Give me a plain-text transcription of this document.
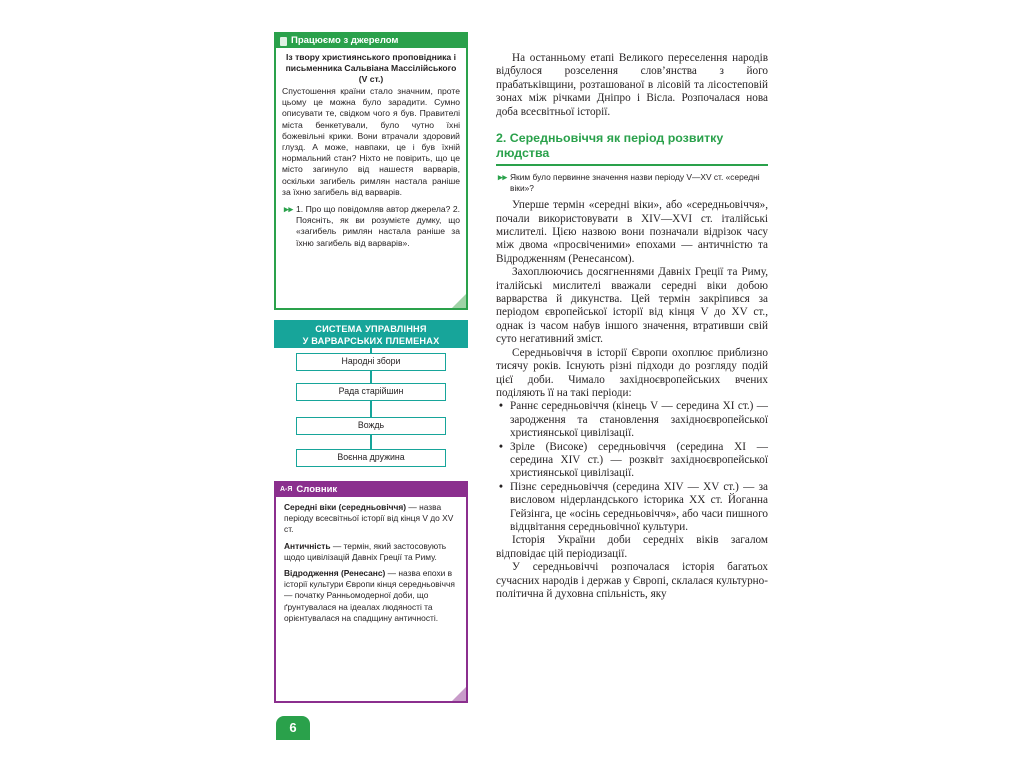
Працюємо з джерелом
Із твору християнського проповідника і письменника Сальвіана Массілійського (V ст.)
Спустошення країни стало значним, проте цьому це можна було зарадити. Сумно описувати те, свідком чого я був. Правителі міста бенкетували, було чутно їхні божевільні крики. Вони втрачали здоровий глузд. А може, навпаки, це і був їхній нормальний стан? Ніхто не повірить, що це місто загинуло від нашестя варварів, оскільки загибель римлян настала раніше за їхню загибель від варварів.
▸▸ 1. Про що повідомляв автор джерела? 2. Поясніть, як ви розумієте думку, що «загибель римлян настала раніше за їхню загибель від варварів».
СИСТЕМА УПРАВЛІННЯ
У ВАРВАРСЬКИХ ПЛЕМЕНАХ
Народні збори
Рада старійшин
Вождь
Воєнна дружина
А-Я Словник
Середні віки (середньовіччя) — назва періоду всесвітньої історії від кінця V до XV ст.
Античність — термін, який застосовують щодо цивілізацій Давніх Греції та Риму.
Відродження (Ренесанс) — назва епохи в історії культури Європи кінця середньовіччя — початку Ранньомодерної доби, що ґрунтувалася на ідеалах людяності та орієнтувалася на спадщину античності.
6

На останньому етапі Великого переселення народів відбулося розселення слов’янства з його прабатьківщини, розташованої в лісовій та лісостеповій зонах між річками Дніпро і Вісла. Розпочалася нова доба всесвітньої історії.

2. Середньовіччя як період розвитку людства
▸▸ Яким було первинне значення назви періоду V—XV ст. «середні віки»?

Уперше термін «середні віки», або «середньовіччя», почали використовувати в XIV—XVI ст. італійські мислителі. Цією назвою вони позначали відрізок часу між двома «просвіченими» епохами — античністю та Відродженням (Ренесансом).

Захоплюючись досягненнями Давніх Греції та Риму, італійські мислителі вважали середні віки добою варварства й дикунства. Цей термін закріпився за періодом європейської історії від кінця V до XV ст., однак із часом набув іншого значення, втративши свій суто негативний зміст.

Середньовіччя в історії Європи охоплює приблизно тисячу років. Існують різні підходи до розгляду подій цієї доби. Чимало західноєвропейських вчених поділяють її на такі періоди:

• Раннє середньовіччя (кінець V — середина XI ст.) — зародження та становлення західноєвропейської християнської цивілізації.

• Зріле (Високе) середньовіччя (середина XI — середина XIV ст.) — розквіт західноєвропейської християнської цивілізації.

• Пізнє середньовіччя (середина XIV — XV ст.) — за висловом нідерландського історика XX ст. Йоганна Гейзінга, це «осінь середньовіччя», або часи пишного відцвітання середньовічної культури.

Історія України доби середніх віків загалом відповідає цій періодизації.

У середньовіччі розпочалася історія багатьох сучасних народів і держав у Європі, склалася культурно-політична й духовна спільність, яку
